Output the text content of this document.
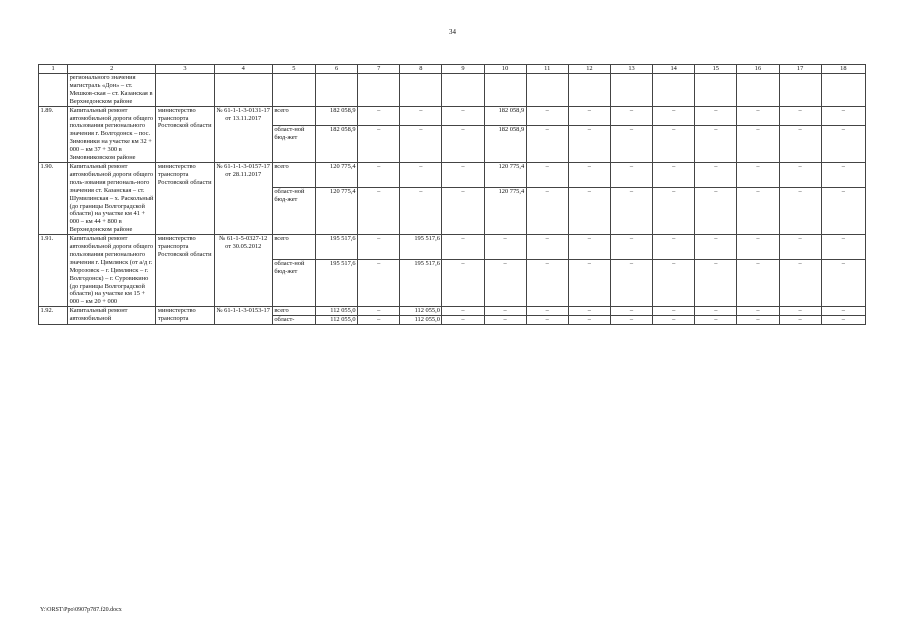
34
1	2	3	4	5	6	7	8	9	10	11	12	13	14	15	16	17	18
	регионального значения магистраль «Дон» – ст. Мешков-ская – ст. Казанская в Верхнедонском районе																
1.89.	Капитальный ремонт автомобильной дороги общего пользования регионального значения г. Волгодонск – пос. Зимовники на участке км 32 + 000 – км 37 + 300 в Зимовниковском районе	министерство транспорта Ростовской области	№ 61-1-1-3-0131-17 от 13.11.2017	всего	182 058,9	–	–	–	182 058,9	–	–	–	–	–	–	–	–
				област-ной бюд-жет	182 058,9	–	–	–	182 058,9	–	–	–	–	–	–	–	–
1.90.	Капитальный ремонт автомобильной дороги общего поль-зования региональ-ного значения ст. Казанская – ст. Шумилинская – х. Раскольный (до границы Волгоградской области) на участке км 41 + 000 – км 44 + 800 в Верхнедонском районе	министерство транспорта Ростовской области	№ 61-1-1-3-0157-17 от 28.11.2017	всего	120 775,4	–	–	–	120 775,4	–	–	–	–	–	–	–	–
				област-ной бюд-жет	120 775,4	–	–	–	120 775,4	–	–	–	–	–	–	–	–
1.91.	Капитальный ремонт автомобильной дороги общего пользования регионального значения г. Цимлянск (от а/д г. Морозовск – г. Цимлянск – г. Волгодонск) – г. Суровикино (до границы Волгоградской области) на участке км 15 + 000 – км 20 + 000	министерство транспорта Ростовской области	№ 61-1-5-0327-12 от 30.05.2012	всего	195 517,6	–	195 517,6	–	–	–	–	–	–	–	–	–	–
				област-ной бюд-жет	195 517,6	–	195 517,6	–	–	–	–	–	–	–	–	–	–
1.92.	Капитальный ремонт автомобильной	министерство транспорта	№ 61-1-1-3-0153-17	всего	112 055,0	–	112 055,0	–	–	–	–	–	–	–	–	–	–
				област-	112 055,0	–	112 055,0	–	–	–	–	–	–	–	–	–	–
Y:\ORST\Ppo\0907p787.f20.docx
